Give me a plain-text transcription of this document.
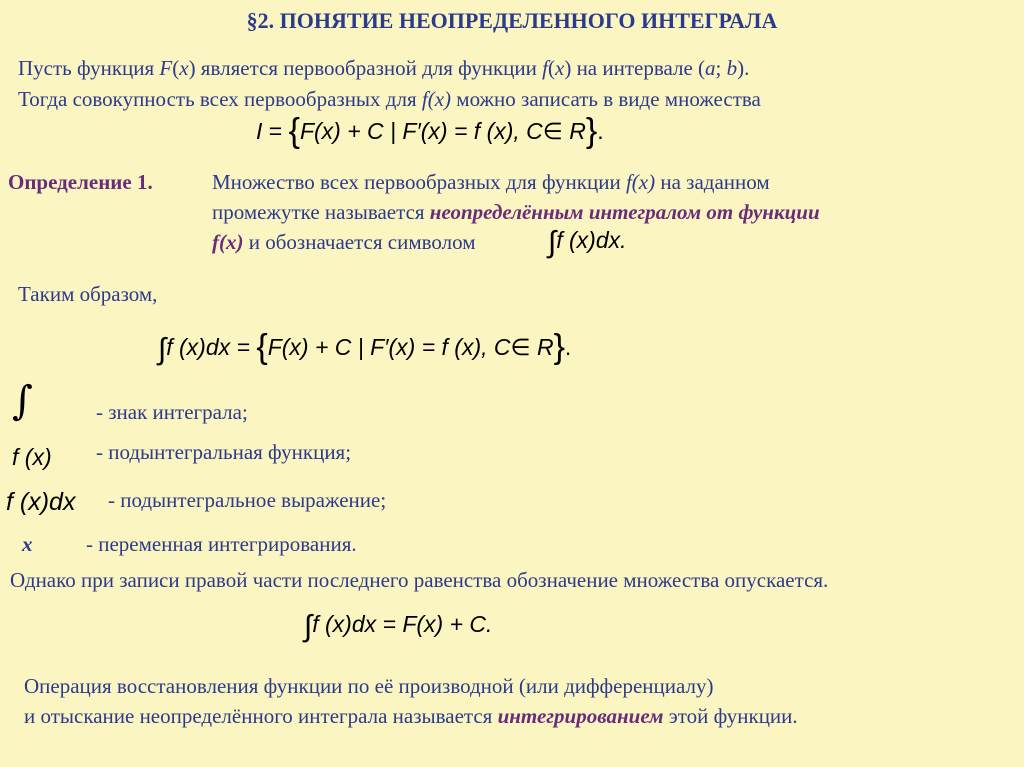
§2. ПОНЯТИЕ НЕОПРЕДЕЛЕННОГО ИНТЕГРАЛА
Пусть функция F(x) является первообразной для функции f(x) на интервале (a; b).
Тогда совокупность всех первообразных для f(x) можно записать в виде множества
I = {F(x) + C | F′(x) = f (x), C∈ R}.
Определение 1.	Множество всех первообразных для функции f(x) на заданном
промежутке называется неопределённым интегралом от функции
f(x) и обозначается символом ∫f (x)dx.
Таким образом,
∫f (x)dx = {F(x) + C | F′(x) = f (x), C∈ R}.
∫	- знак интеграла;
f (x) - подынтегральная функция;
f (x)dx - подынтегральное выражение;
x	- переменная интегрирования.
Однако при записи правой части последнего равенства обозначение множества опускается.
∫f (x)dx = F(x) + C.
Операция восстановления функции по её производной (или дифференциалу)
и отыскание неопределённого интеграла называется интегрированием этой функции.
